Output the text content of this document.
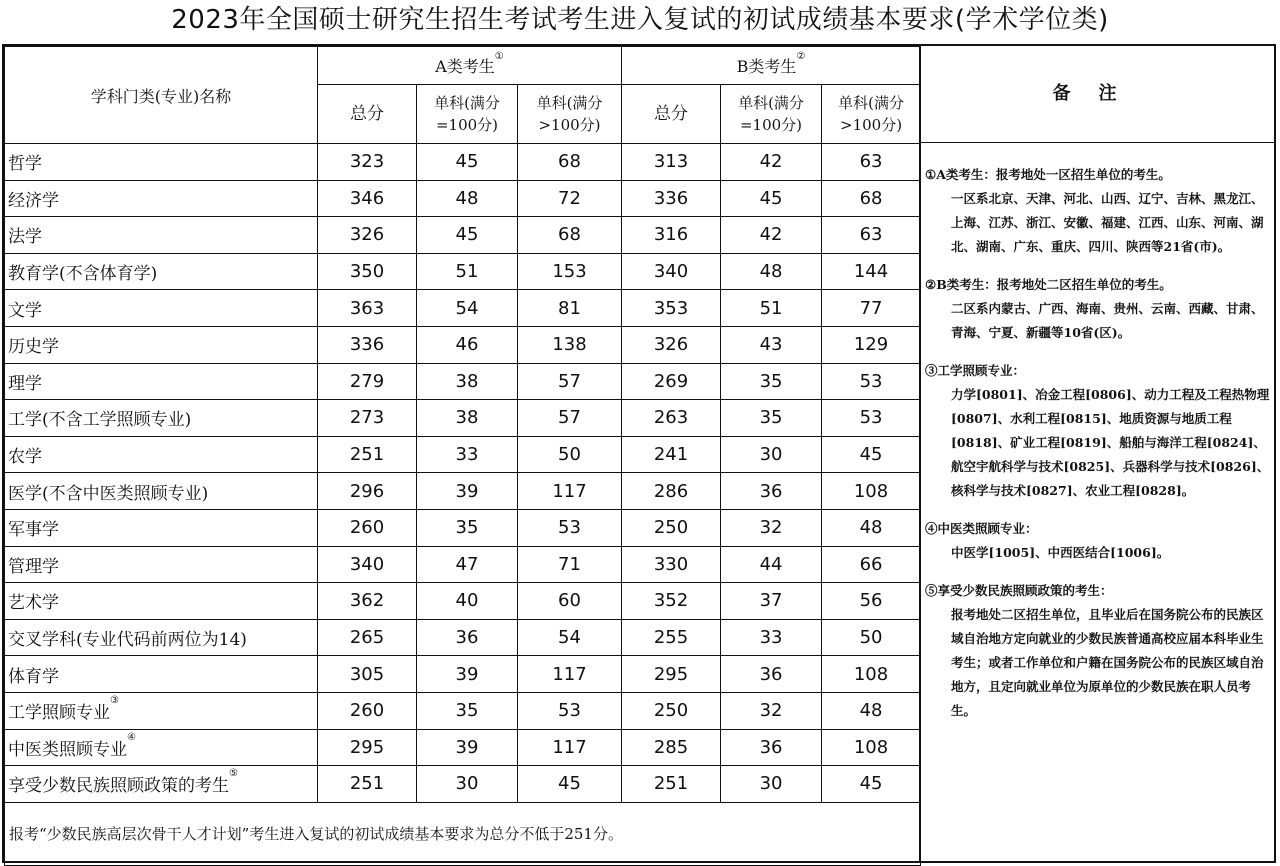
2023年全国硕士研究生招生考试考生进入复试的初试成绩基本要求(学术学位类)
学科门类(专业)名称	A类考生①			B类考生②
	总分	单科(满分=100分)	单科(满分>100分)	总分	单科(满分=100分)	单科(满分>100分)
哲学	323	45	68	313	42	63
经济学	346	48	72	336	45	68
法学	326	45	68	316	42	63
教育学(不含体育学)	350	51	153	340	48	144
文学	363	54	81	353	51	77
历史学	336	46	138	326	43	129
理学	279	38	57	269	35	53
工学(不含工学照顾专业)	273	38	57	263	35	53
农学	251	33	50	241	30	45
医学(不含中医类照顾专业)	296	39	117	286	36	108
军事学	260	35	53	250	32	48
管理学	340	47	71	330	44	66
艺术学	362	40	60	352	37	56
交叉学科(专业代码前两位为14)	265	36	54	255	33	50
体育学	305	39	117	295	36	108
工学照顾专业③	260	35	53	250	32	48
中医类照顾专业④	295	39	117	285	36	108
享受少数民族照顾政策的考生⑤	251	30	45	251	30	45
报考“少数民族高层次骨干人才计划”考生进入复试的初试成绩基本要求为总分不低于251分。						
备注

①A类考生：报考地处一区招生单位的考生。

一区系北京、天津、河北、山西、辽宁、吉林、黑龙江、上海、江苏、浙江、安徽、福建、江西、山东、河南、湖北、湖南、广东、重庆、四川、陕西等21省(市)。

②B类考生：报考地处二区招生单位的考生。

二区系内蒙古、广西、海南、贵州、云南、西藏、甘肃、青海、宁夏、新疆等10省(区)。

③工学照顾专业：

力学[0801]、冶金工程[0806]、动力工程及工程热物理[0807]、水利工程[0815]、地质资源与地质工程[0818]、矿业工程[0819]、船舶与海洋工程[0824]、航空宇航科学与技术[0825]、兵器科学与技术[0826]、核科学与技术[0827]、农业工程[0828]。

④中医类照顾专业：

中医学[1005]、中西医结合[1006]。

⑤享受少数民族照顾政策的考生：

报考地处二区招生单位，且毕业后在国务院公布的民族区域自治地方定向就业的少数民族普通高校应届本科毕业生考生；或者工作单位和户籍在国务院公布的民族区域自治地方，且定向就业单位为原单位的少数民族在职人员考生。
